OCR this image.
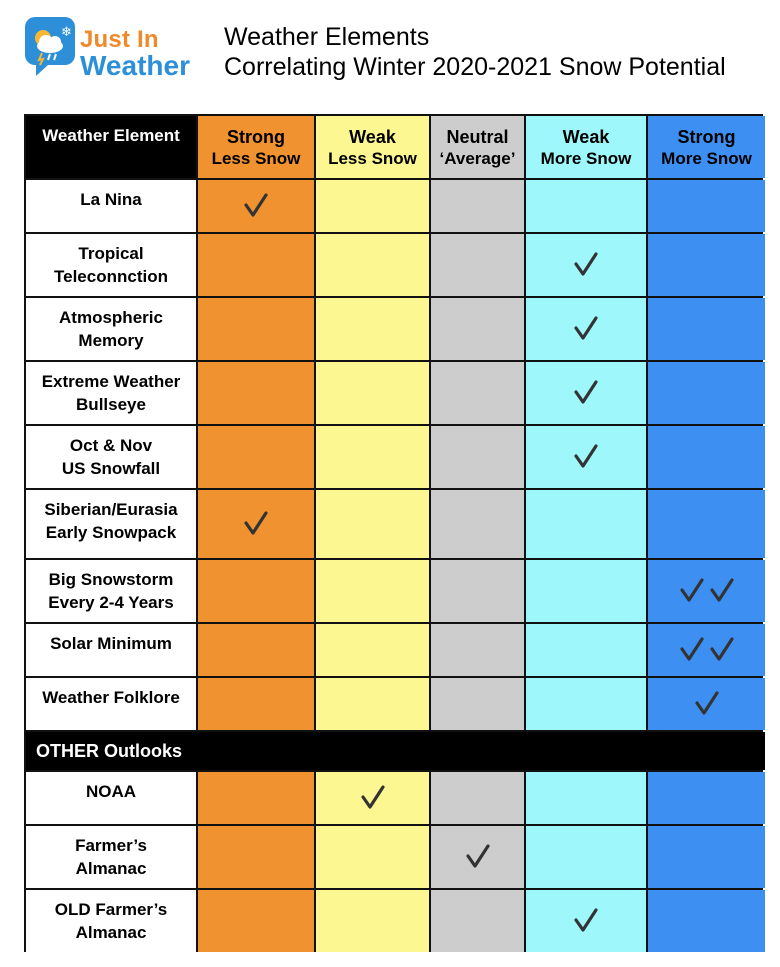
❄ Just In
Weather
Weather Elements
Correlating Winter 2020-2021 Snow Potential
Weather Element	Strong
Less Snow
Weak
Less Snow
Neutral
‘Average’
Weak
More Snow
Strong
More Snow
La Nina
Tropical
Teleconnction
Atmospheric
Memory
Extreme Weather
Bullseye
Oct & Nov
US Snowfall
Siberian/Eurasia
Early Snowpack
Big Snowstorm
Every 2-4 Years
Solar Minimum
Weather Folklore
OTHER Outlooks
NOAA
Farmer’s
Almanac
OLD Farmer’s
Almanac
